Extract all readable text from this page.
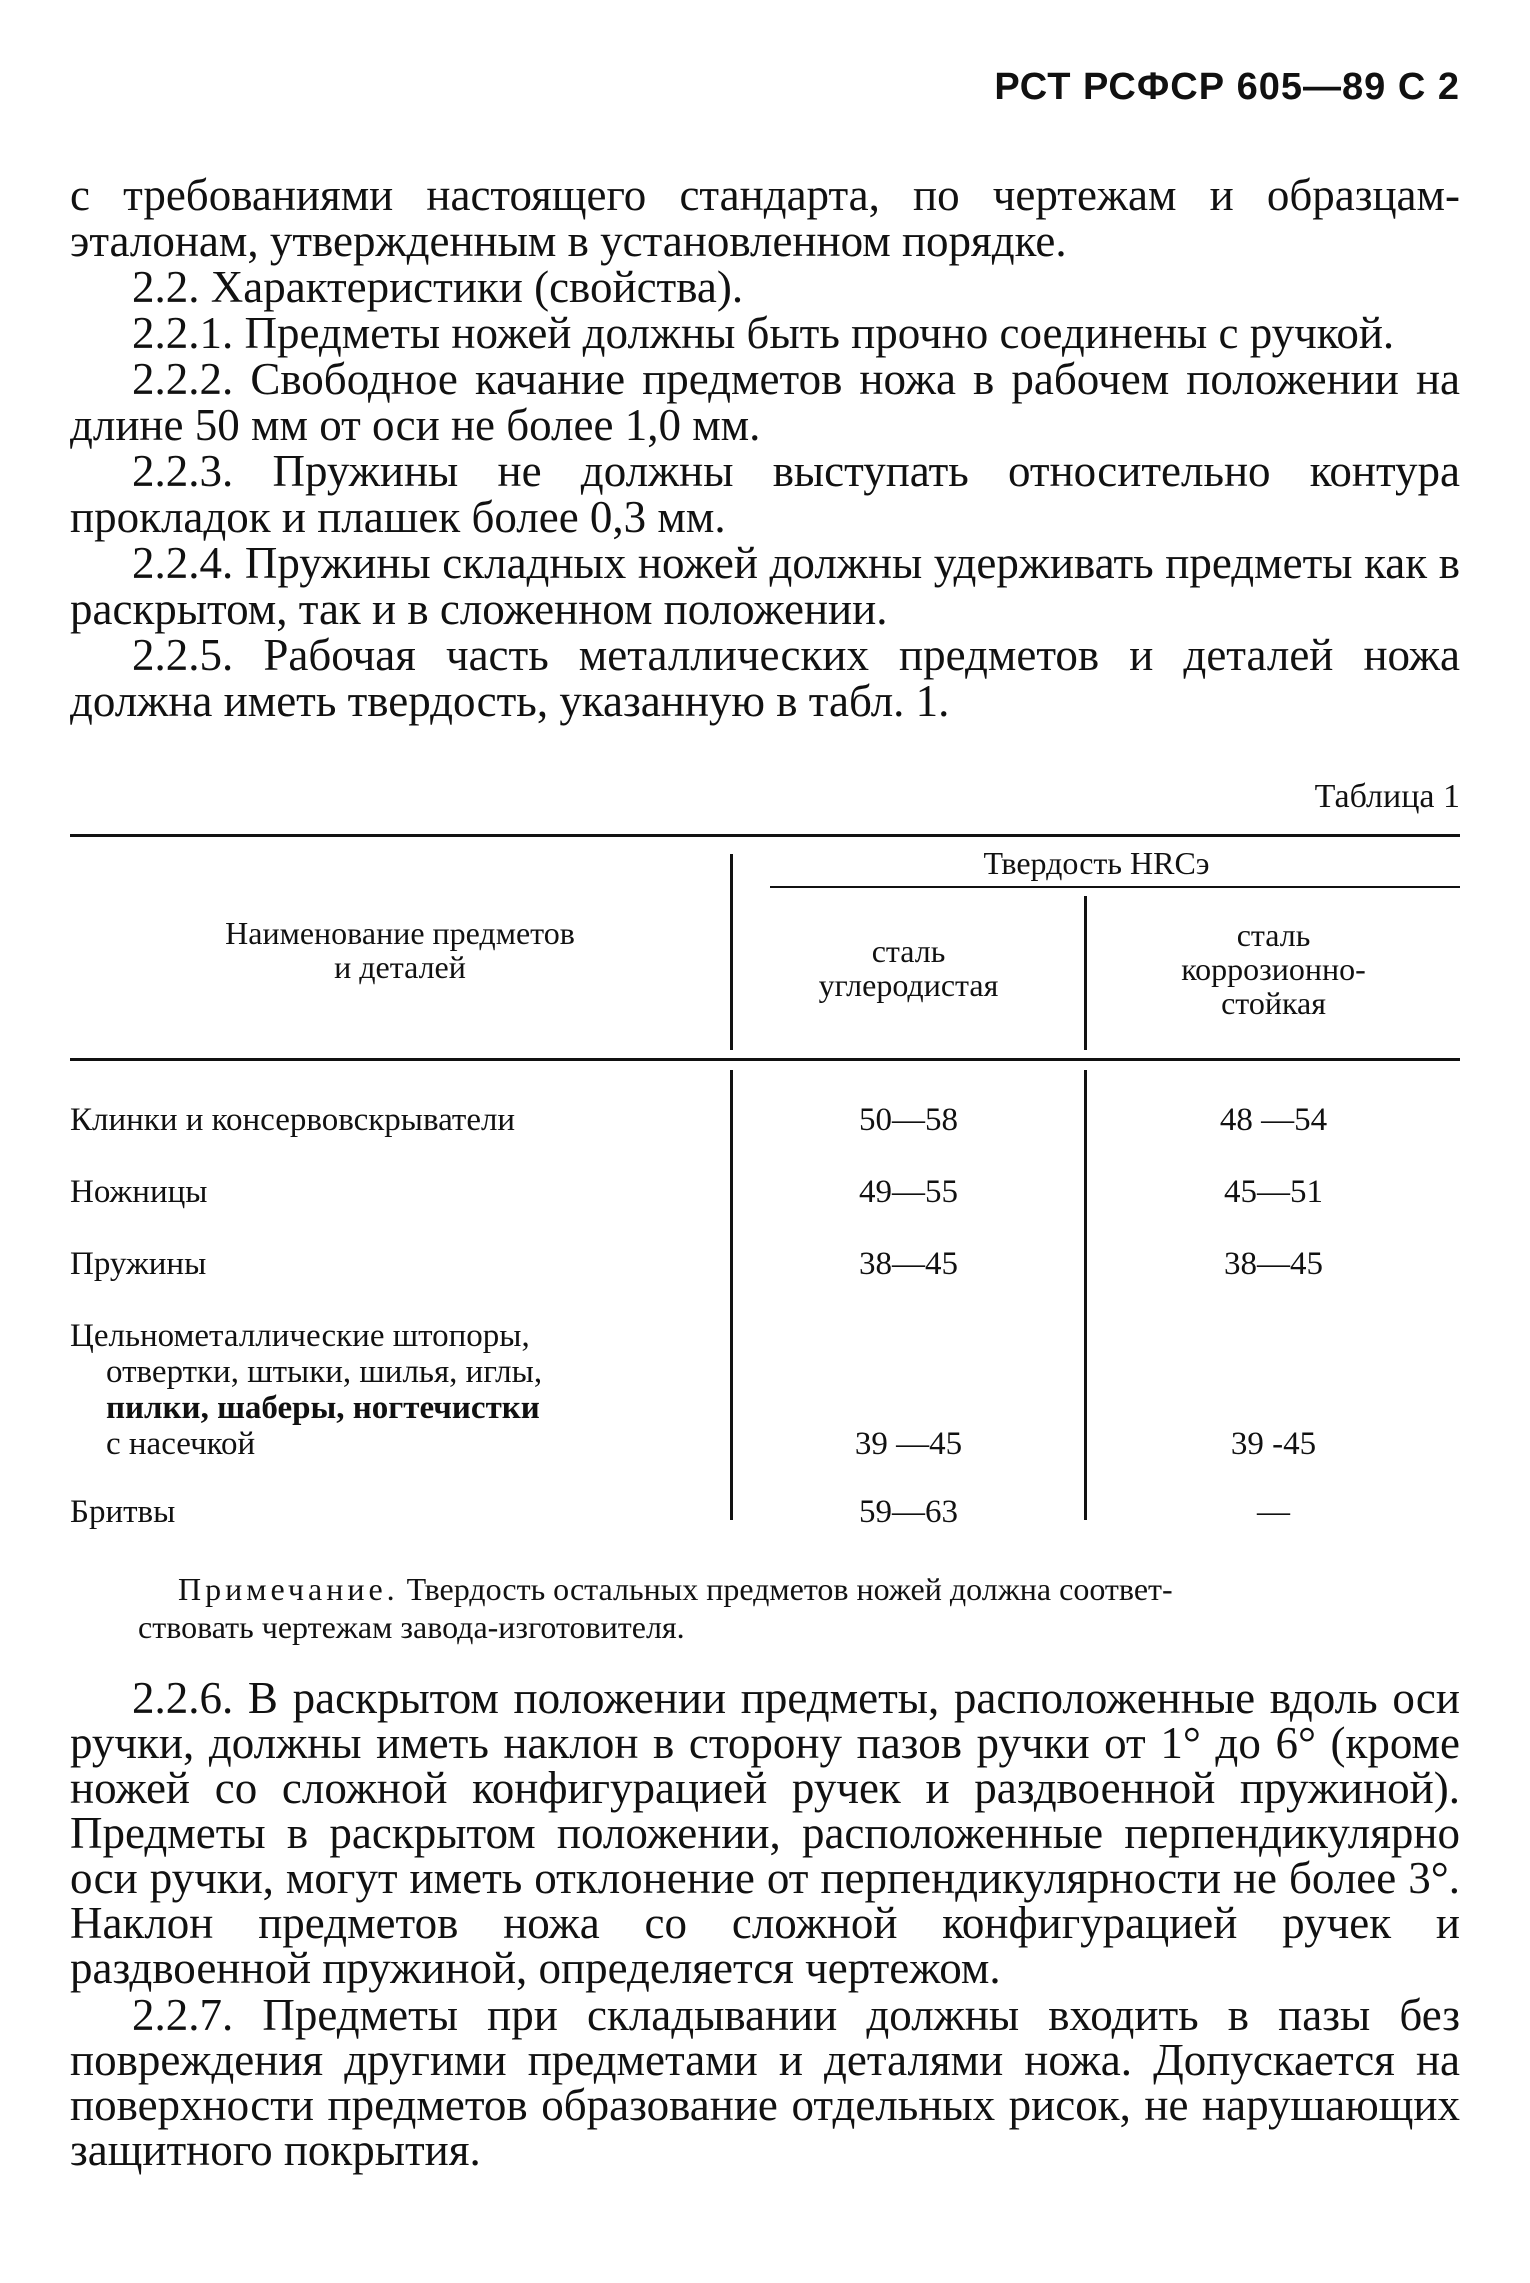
РСТ РСФСР 605—89 С 2

с требованиями настоящего стандарта, по чертежам и образцам-эталонам, утвержденным в установленном порядке.

2.2. Характеристики (свойства).

2.2.1. Предметы ножей должны быть прочно соединены с ручкой.

2.2.2. Свободное качание предметов ножа в рабочем положении на длине 50 мм от оси не более 1,0 мм.

2.2.3. Пружины не должны выступать относительно контура прокладок и плашек более 0,3 мм.

2.2.4. Пружины складных ножей должны удерживать предметы как в раскрытом, так и в сложенном положении.

2.2.5. Рабочая часть металлических предметов и деталей ножа должна иметь твердость, указанную в табл. 1.

Таблица 1
Наименование предметов
и деталей
Твердость HRCэ
сталь
углеродистая
сталь
коррозионно-
стойкая
Клинки и консервовскрыватели	50—58	48 —54
Ножницы	49—55	45—51
Пружины	38—45	38—45
Цельнометаллические штопоры,
отвертки, штыки, шилья, иглы,
пилки, шаберы, ногтечистки
с насечкой	39 —45	39 -45
Бритвы	59—63	—
Примечание. Твердость остальных предметов ножей должна соответ-
ствовать чертежам завода-изготовителя.

2.2.6. В раскрытом положении предметы, расположенные вдоль оси ручки, должны иметь наклон в сторону пазов ручки от 1° до 6° (кроме ножей со сложной конфигурацией ручек и раздвоенной пружиной). Предметы в раскрытом положении, расположенные перпендикулярно оси ручки, могут иметь отклонение от перпендикулярности не более 3°. Наклон предметов ножа со сложной конфигурацией ручек и раздвоенной пружиной, определяется чертежом.

2.2.7. Предметы при складывании должны входить в пазы без повреждения другими предметами и деталями ножа. Допускается на поверхности предметов образование отдельных рисок, не нарушающих защитного покрытия.
